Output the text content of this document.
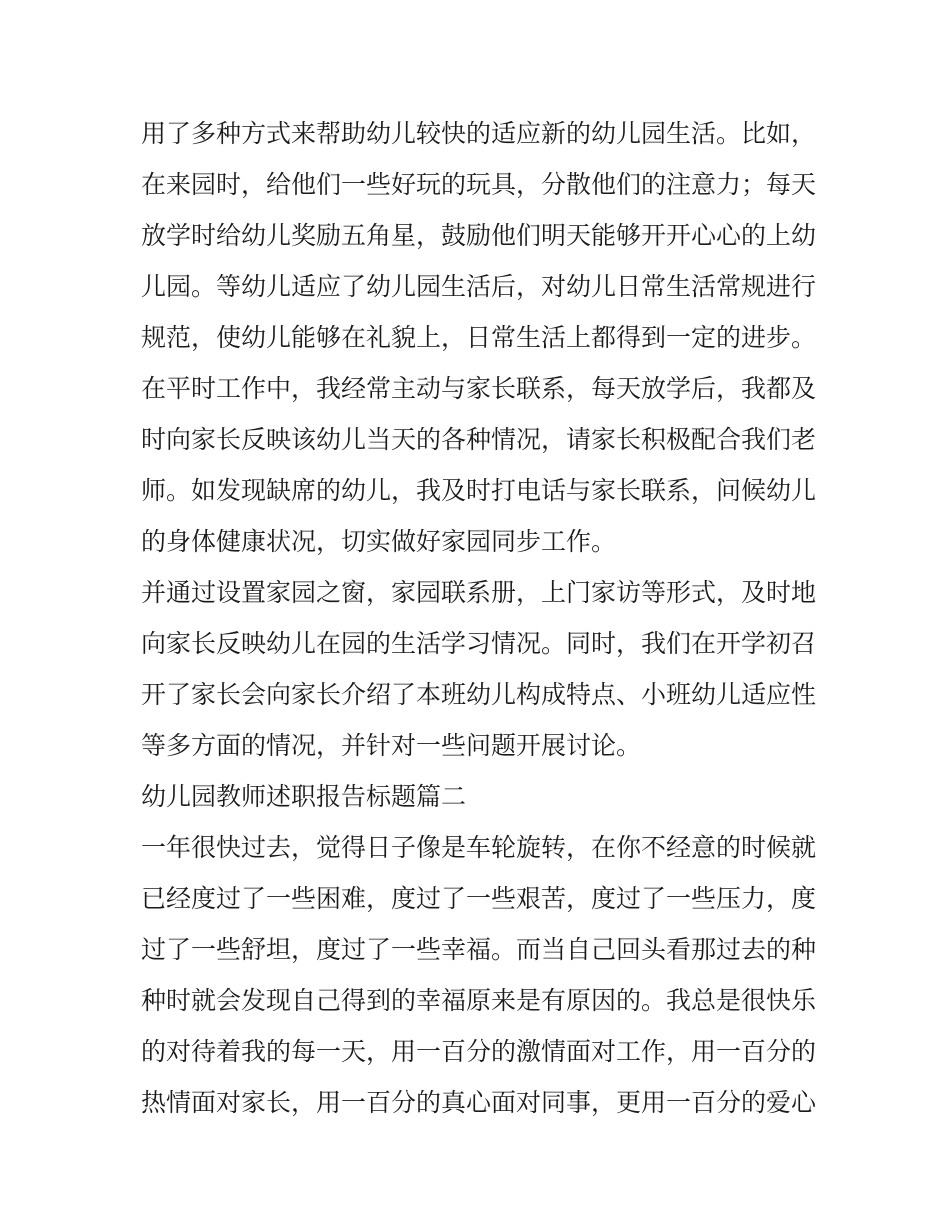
用了多种方式来帮助幼儿较快的适应新的幼儿园生活。比如，
在来园时，给他们一些好玩的玩具，分散他们的注意力；每天
放学时给幼儿奖励五角星，鼓励他们明天能够开开心心的上幼
儿园。等幼儿适应了幼儿园生活后，对幼儿日常生活常规进行
规范，使幼儿能够在礼貌上，日常生活上都得到一定的进步。
在平时工作中，我经常主动与家长联系，每天放学后，我都及
时向家长反映该幼儿当天的各种情况，请家长积极配合我们老
师。如发现缺席的幼儿，我及时打电话与家长联系，问候幼儿
的身体健康状况，切实做好家园同步工作。
并通过设置家园之窗，家园联系册，上门家访等形式，及时地
向家长反映幼儿在园的生活学习情况。同时，我们在开学初召
开了家长会向家长介绍了本班幼儿构成特点、小班幼儿适应性
等多方面的情况，并针对一些问题开展讨论。
幼儿园教师述职报告标题篇二
一年很快过去，觉得日子像是车轮旋转，在你不经意的时候就
已经度过了一些困难，度过了一些艰苦，度过了一些压力，度
过了一些舒坦，度过了一些幸福。而当自己回头看那过去的种
种时就会发现自己得到的幸福原来是有原因的。我总是很快乐
的对待着我的每一天，用一百分的激情面对工作，用一百分的
热情面对家长，用一百分的真心面对同事，更用一百分的爱心
